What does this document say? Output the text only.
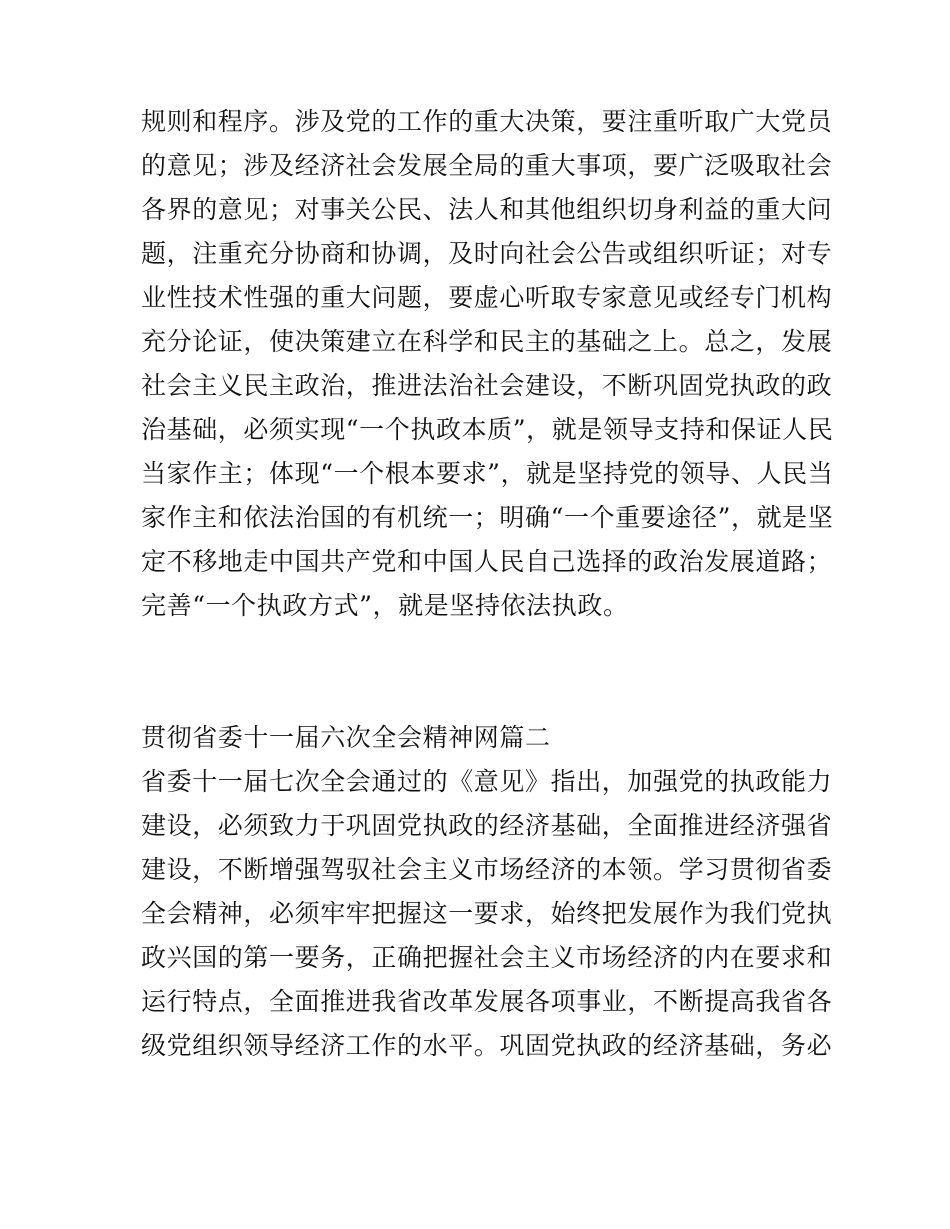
规则和程序。涉及党的工作的重大决策，要注重听取广大党员
的意见；涉及经济社会发展全局的重大事项，要广泛吸取社会
各界的意见；对事关公民、法人和其他组织切身利益的重大问
题，注重充分协商和协调，及时向社会公告或组织听证；对专
业性技术性强的重大问题，要虚心听取专家意见或经专门机构
充分论证，使决策建立在科学和民主的基础之上。总之，发展
社会主义民主政治，推进法治社会建设，不断巩固党执政的政
治基础，必须实现“一个执政本质”，就是领导支持和保证人民
当家作主；体现“一个根本要求”，就是坚持党的领导、人民当
家作主和依法治国的有机统一；明确“一个重要途径”，就是坚
定不移地走中国共产党和中国人民自己选择的政治发展道路；
完善“一个执政方式”，就是坚持依法执政。
贯彻省委十一届六次全会精神网篇二
省委十一届七次全会通过的《意见》指出，加强党的执政能力
建设，必须致力于巩固党执政的经济基础，全面推进经济强省
建设，不断增强驾驭社会主义市场经济的本领。学习贯彻省委
全会精神，必须牢牢把握这一要求，始终把发展作为我们党执
政兴国的第一要务，正确把握社会主义市场经济的内在要求和
运行特点，全面推进我省改革发展各项事业，不断提高我省各
级党组织领导经济工作的水平。巩固党执政的经济基础，务必
